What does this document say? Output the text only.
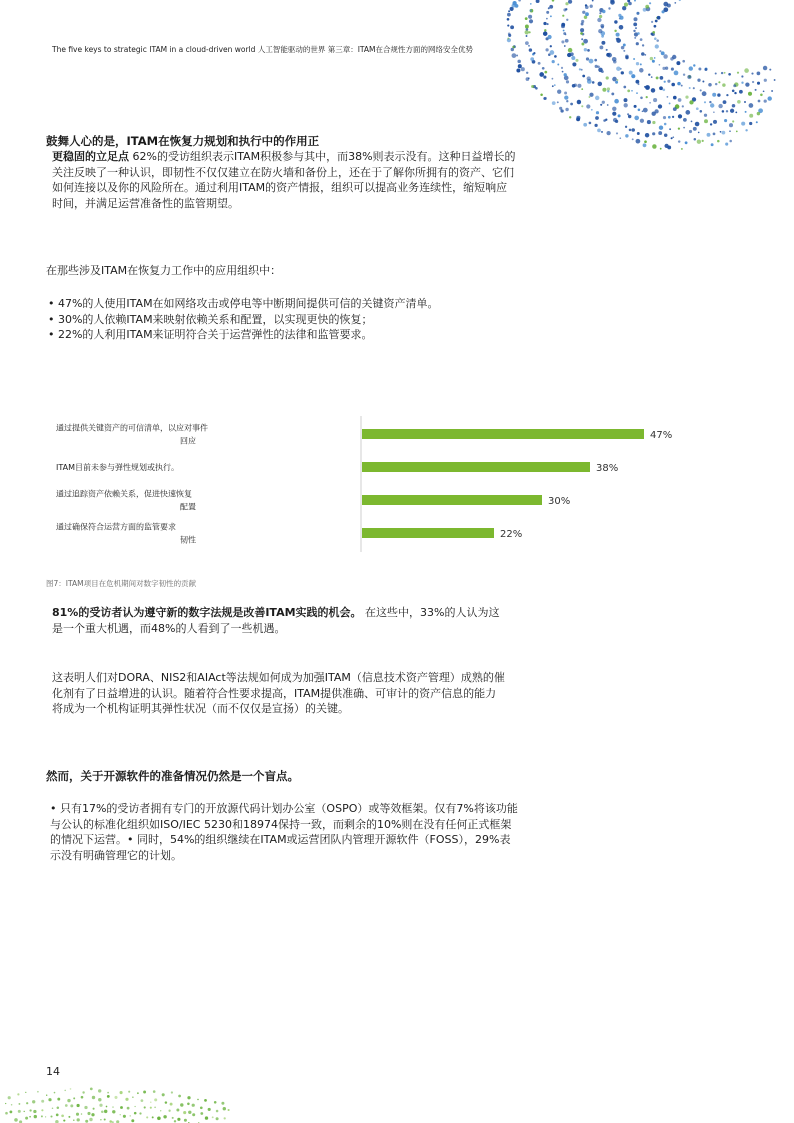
The five keys to strategic ITAM in a cloud-driven world 人工智能驱动的世界 第三章：ITAM在合规性方面的网络安全优势
鼓舞人心的是，ITAM在恢复力规划和执行中的作用正
更稳固的立足点 62%的受访组织表示ITAM积极参与其中，而38%则表示没有。这种日益增长的关注反映了一种认识，即韧性不仅仅建立在防火墙和备份上，还在于了解你所拥有的资产、它们如何连接以及你的风险所在。通过利用ITAM的资产情报，组织可以提高业务连续性，缩短响应时间，并满足运营准备性的监管期望。
在那些涉及ITAM在恢复力工作中的应用组织中：
• 47%的人使用ITAM在如网络攻击或停电等中断期间提供可信的关键资产清单。
• 30%的人依赖ITAM来映射依赖关系和配置，以实现更快的恢复；
• 22%的人利用ITAM来证明符合关于运营弹性的法律和监管要求。
47%
通过提供关键资产的可信清单，以应对事件
回应
38%
ITAM目前未参与弹性规划或执行。
30%
通过追踪资产依赖关系，促进快速恢复
配置
22%
通过确保符合运营方面的监管要求
韧性
图7：ITAM项目在危机期间对数字韧性的贡献
81%的受访者认为遵守新的数字法规是改善ITAM实践的机会。 在这些中，33%的人认为这是一个重大机遇，而48%的人看到了一些机遇。
这表明人们对DORA、NIS2和AIAct等法规如何成为加强ITAM（信息技术资产管理）成熟的催化剂有了日益增进的认识。随着符合性要求提高，ITAM提供准确、可审计的资产信息的能力将成为一个机构证明其弹性状况（而不仅仅是宣扬）的关键。
然而，关于开源软件的准备情况仍然是一个盲点。
• 只有17%的受访者拥有专门的开放源代码计划办公室（OSPO）或等效框架。仅有7%将该功能与公认的标准化组织如ISO/IEC 5230和18974保持一致，而剩余的10%则在没有任何正式框架的情况下运营。• 同时，54%的组织继续在ITAM或运营团队内管理开源软件（FOSS），29%表示没有明确管理它的计划。
14
